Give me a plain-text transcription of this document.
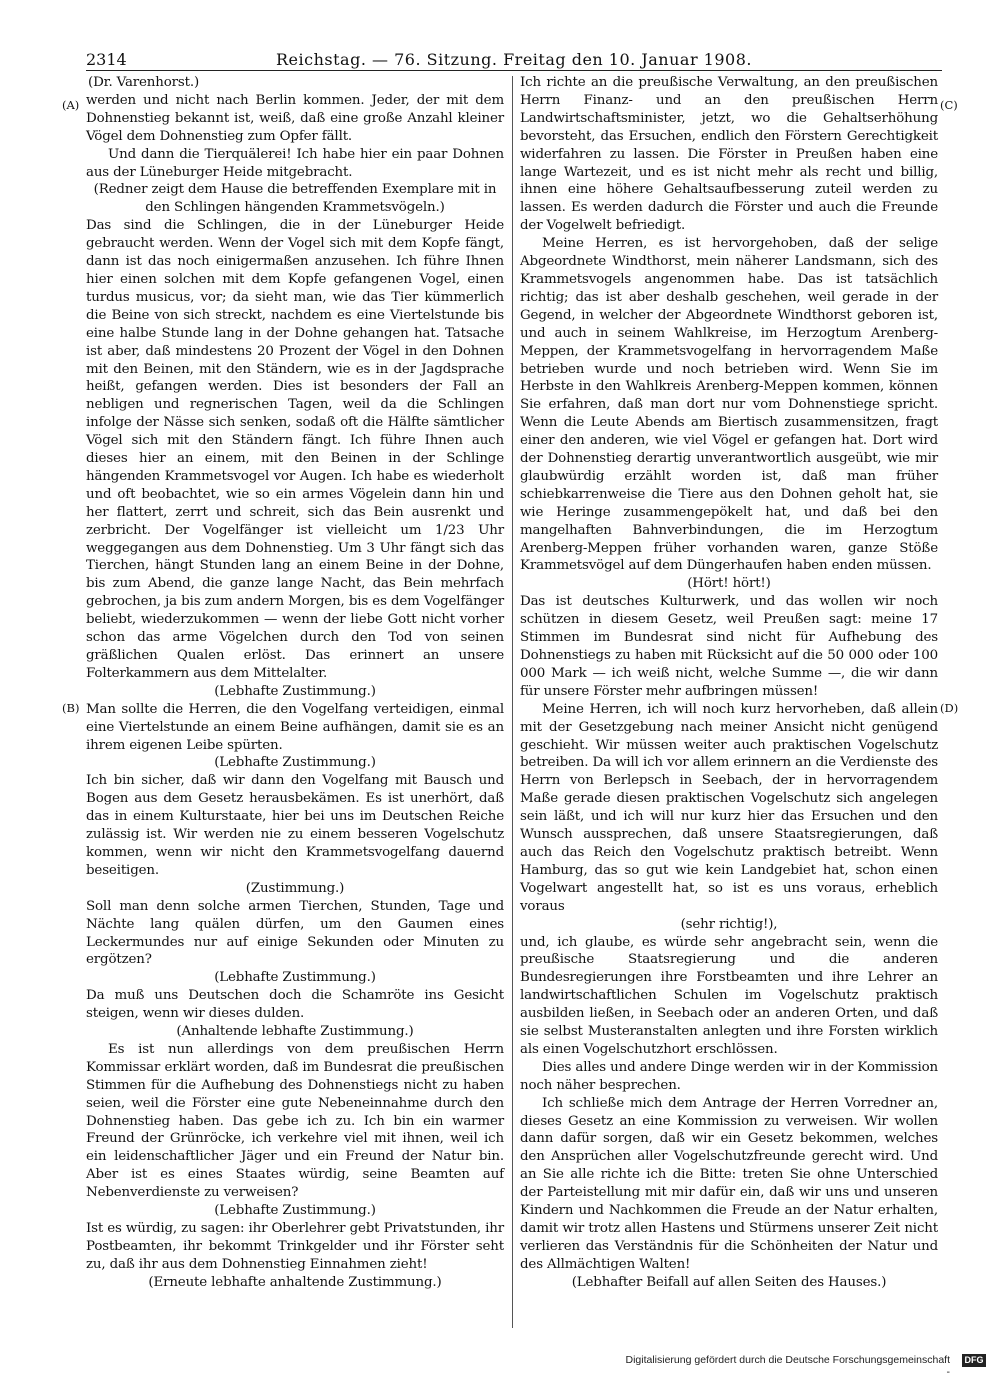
2314	Reichstag. — 76. Sitzung. Freitag den 10. Januar 1908.
(A)
(B)
(C)
(D)
(Dr. Varenhorst.)

werden und nicht nach Berlin kommen. Jeder, der mit dem Dohnenstieg bekannt ist, weiß, daß eine große Anzahl kleiner Vögel dem Dohnenstieg zum Opfer fällt.

Und dann die Tierquälerei! Ich habe hier ein paar Dohnen aus der Lüneburger Heide mitgebracht.

(Redner zeigt dem Hause die betreffenden Exemplare mit in den Schlingen hängenden Krammetsvögeln.)

Das sind die Schlingen, die in der Lüneburger Heide gebraucht werden. Wenn der Vogel sich mit dem Kopfe fängt, dann ist das noch einigermaßen anzusehen. Ich führe Ihnen hier einen solchen mit dem Kopfe gefangenen Vogel, einen turdus musicus, vor; da sieht man, wie das Tier kümmerlich die Beine von sich streckt, nachdem es eine Viertelstunde bis eine halbe Stunde lang in der Dohne gehangen hat. Tatsache ist aber, daß mindestens 20 Prozent der Vögel in den Dohnen mit den Beinen, mit den Ständern, wie es in der Jagdsprache heißt, gefangen werden. Dies ist besonders der Fall an nebligen und regnerischen Tagen, weil da die Schlingen infolge der Nässe sich senken, sodaß oft die Hälfte sämtlicher Vögel sich mit den Ständern fängt. Ich führe Ihnen auch dieses hier an einem, mit den Beinen in der Schlinge hängenden Krammetsvogel vor Augen. Ich habe es wiederholt und oft beobachtet, wie so ein armes Vögelein dann hin und her flattert, zerrt und schreit, sich das Bein ausrenkt und zerbricht. Der Vogelfänger ist vielleicht um 1/23 Uhr weggegangen aus dem Dohnenstieg. Um 3 Uhr fängt sich das Tierchen, hängt Stunden lang an einem Beine in der Dohne, bis zum Abend, die ganze lange Nacht, das Bein mehrfach gebrochen, ja bis zum andern Morgen, bis es dem Vogelfänger beliebt, wiederzukommen — wenn der liebe Gott nicht vorher schon das arme Vögelchen durch den Tod von seinen gräßlichen Qualen erlöst. Das erinnert an unsere Folterkammern aus dem Mittelalter.

(Lebhafte Zustimmung.)

Man sollte die Herren, die den Vogelfang verteidigen, einmal eine Viertelstunde an einem Beine aufhängen, damit sie es an ihrem eigenen Leibe spürten.

(Lebhafte Zustimmung.)

Ich bin sicher, daß wir dann den Vogelfang mit Bausch und Bogen aus dem Gesetz herausbekämen. Es ist unerhört, daß das in einem Kulturstaate, hier bei uns im Deutschen Reiche zulässig ist. Wir werden nie zu einem besseren Vogelschutz kommen, wenn wir nicht den Krammetsvogelfang dauernd beseitigen.

(Zustimmung.)

Soll man denn solche armen Tierchen, Stunden, Tage und Nächte lang quälen dürfen, um den Gaumen eines Leckermundes nur auf einige Sekunden oder Minuten zu ergötzen?

(Lebhafte Zustimmung.)

Da muß uns Deutschen doch die Schamröte ins Gesicht steigen, wenn wir dieses dulden.

(Anhaltende lebhafte Zustimmung.)

Es ist nun allerdings von dem preußischen Herrn Kommissar erklärt worden, daß im Bundesrat die preußischen Stimmen für die Aufhebung des Dohnenstiegs nicht zu haben seien, weil die Förster eine gute Nebeneinnahme durch den Dohnenstieg haben. Das gebe ich zu. Ich bin ein warmer Freund der Grünröcke, ich verkehre viel mit ihnen, weil ich ein leidenschaftlicher Jäger und ein Freund der Natur bin. Aber ist es eines Staates würdig, seine Beamten auf Nebenverdienste zu verweisen?

(Lebhafte Zustimmung.)

Ist es würdig, zu sagen: ihr Oberlehrer gebt Privatstunden, ihr Postbeamten, ihr bekommt Trinkgelder und ihr Förster seht zu, daß ihr aus dem Dohnenstieg Einnahmen zieht!

(Erneute lebhafte anhaltende Zustimmung.)

Ich richte an die preußische Verwaltung, an den preußischen Herrn Finanz- und an den preußischen Herrn Landwirtschaftsminister, jetzt, wo die Gehaltserhöhung bevorsteht, das Ersuchen, endlich den Förstern Gerechtigkeit widerfahren zu lassen. Die Förster in Preußen haben eine lange Wartezeit, und es ist nicht mehr als recht und billig, ihnen eine höhere Gehaltsaufbesserung zuteil werden zu lassen. Es werden dadurch die Förster und auch die Freunde der Vogelwelt befriedigt.

Meine Herren, es ist hervorgehoben, daß der selige Abgeordnete Windthorst, mein näherer Landsmann, sich des Krammetsvogels angenommen habe. Das ist tatsächlich richtig; das ist aber deshalb geschehen, weil gerade in der Gegend, in welcher der Abgeordnete Windthorst geboren ist, und auch in seinem Wahlkreise, im Herzogtum Arenberg-Meppen, der Krammetsvogelfang in hervorragendem Maße betrieben wurde und noch betrieben wird. Wenn Sie im Herbste in den Wahlkreis Arenberg-Meppen kommen, können Sie erfahren, daß man dort nur vom Dohnenstiege spricht. Wenn die Leute Abends am Biertisch zusammensitzen, fragt einer den anderen, wie viel Vögel er gefangen hat. Dort wird der Dohnenstieg derartig unverantwortlich ausgeübt, wie mir glaubwürdig erzählt worden ist, daß man früher schiebkarrenweise die Tiere aus den Dohnen geholt hat, sie wie Heringe zusammengepökelt hat, und daß bei den mangelhaften Bahnverbindungen, die im Herzogtum Arenberg-Meppen früher vorhanden waren, ganze Stöße Krammetsvögel auf dem Düngerhaufen haben enden müssen.

(Hört! hört!)

Das ist deutsches Kulturwerk, und das wollen wir noch schützen in diesem Gesetz, weil Preußen sagt: meine 17 Stimmen im Bundesrat sind nicht für Aufhebung des Dohnenstiegs zu haben mit Rücksicht auf die 50 000 oder 100 000 Mark — ich weiß nicht, welche Summe —, die wir dann für unsere Förster mehr aufbringen müssen!

Meine Herren, ich will noch kurz hervorheben, daß allein mit der Gesetzgebung nach meiner Ansicht nicht genügend geschieht. Wir müssen weiter auch praktischen Vogelschutz betreiben. Da will ich vor allem erinnern an die Verdienste des Herrn von Berlepsch in Seebach, der in hervorragendem Maße gerade diesen praktischen Vogelschutz sich angelegen sein läßt, und ich will nur kurz hier das Ersuchen und den Wunsch aussprechen, daß unsere Staatsregierungen, daß auch das Reich den Vogelschutz praktisch betreibt. Wenn Hamburg, das so gut wie kein Landgebiet hat, schon einen Vogelwart angestellt hat, so ist es uns voraus, erheblich voraus

(sehr richtig!),

und, ich glaube, es würde sehr angebracht sein, wenn die preußische Staatsregierung und die anderen Bundesregierungen ihre Forstbeamten und ihre Lehrer an landwirtschaftlichen Schulen im Vogelschutz praktisch ausbilden ließen, in Seebach oder an anderen Orten, und daß sie selbst Musteranstalten anlegten und ihre Forsten wirklich als einen Vogelschutzhort erschlössen.

Dies alles und andere Dinge werden wir in der Kommission noch näher besprechen.

Ich schließe mich dem Antrage der Herren Vorredner an, dieses Gesetz an eine Kommission zu verweisen. Wir wollen dann dafür sorgen, daß wir ein Gesetz bekommen, welches den Ansprüchen aller Vogelschutzfreunde gerecht wird. Und an Sie alle richte ich die Bitte: treten Sie ohne Unterschied der Parteistellung mit mir dafür ein, daß wir uns und unseren Kindern und Nachkommen die Freude an der Natur erhalten, damit wir trotz allen Hastens und Stürmens unserer Zeit nicht verlieren das Verständnis für die Schönheiten der Natur und des Allmächtigen Walten!

(Lebhafter Beifall auf allen Seiten des Hauses.)
Digitalisierung gefördert durch die Deutsche Forschungsgemeinschaft -
DFG
